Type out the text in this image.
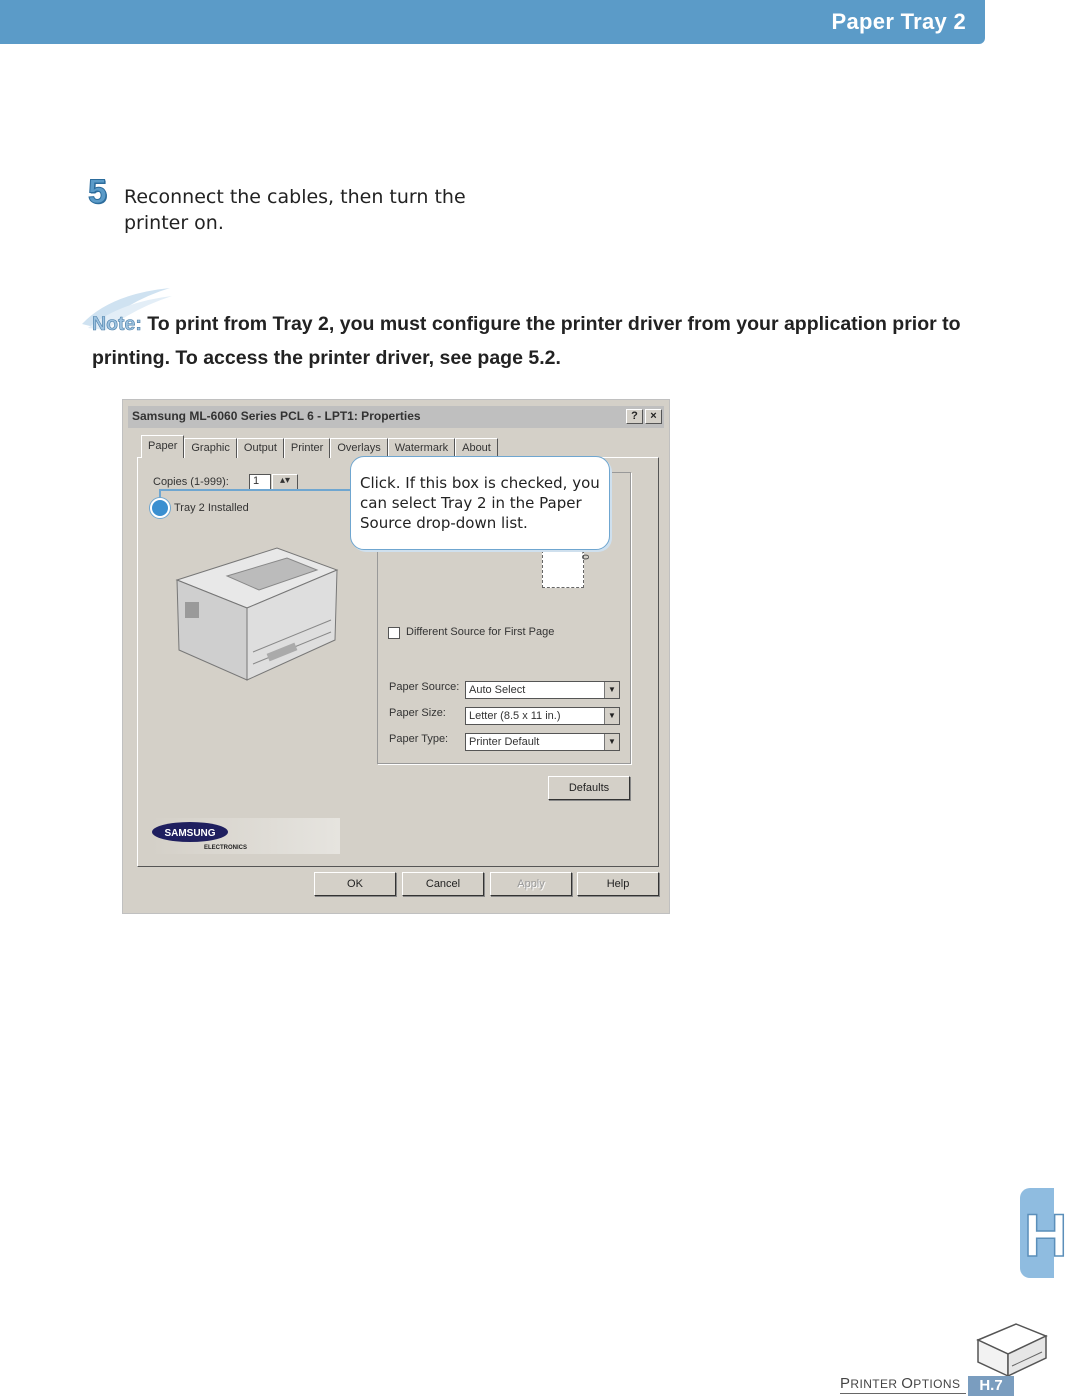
Paper Tray 2
5 Reconnect the cables, then turn the printer on.
Note: To print from Tray 2, you must configure the printer driver from your application prior to printing. To access the printer driver, see page 5.2.
Samsung ML-6060 Series PCL 6 - LPT1: Properties	?	×
Paper	Graphic	Output	Printer	Overlays	Watermark	About
Copies (1-999):	1	▴▾
Tray 2 Installed
Different Source for First Page
Paper Source: Auto Select	▼
Paper Size:	Letter (8.5 x 11 in.)	▼
Paper Type:	Printer Default	▼
Defaults
SAMSUNG
ELECTRONICS
OK	Cancel	Apply	Help
Click. If this box is checked, you can select Tray 2 in the Paper Source drop-down list.
H
PRINTER OPTIONS	H.7
